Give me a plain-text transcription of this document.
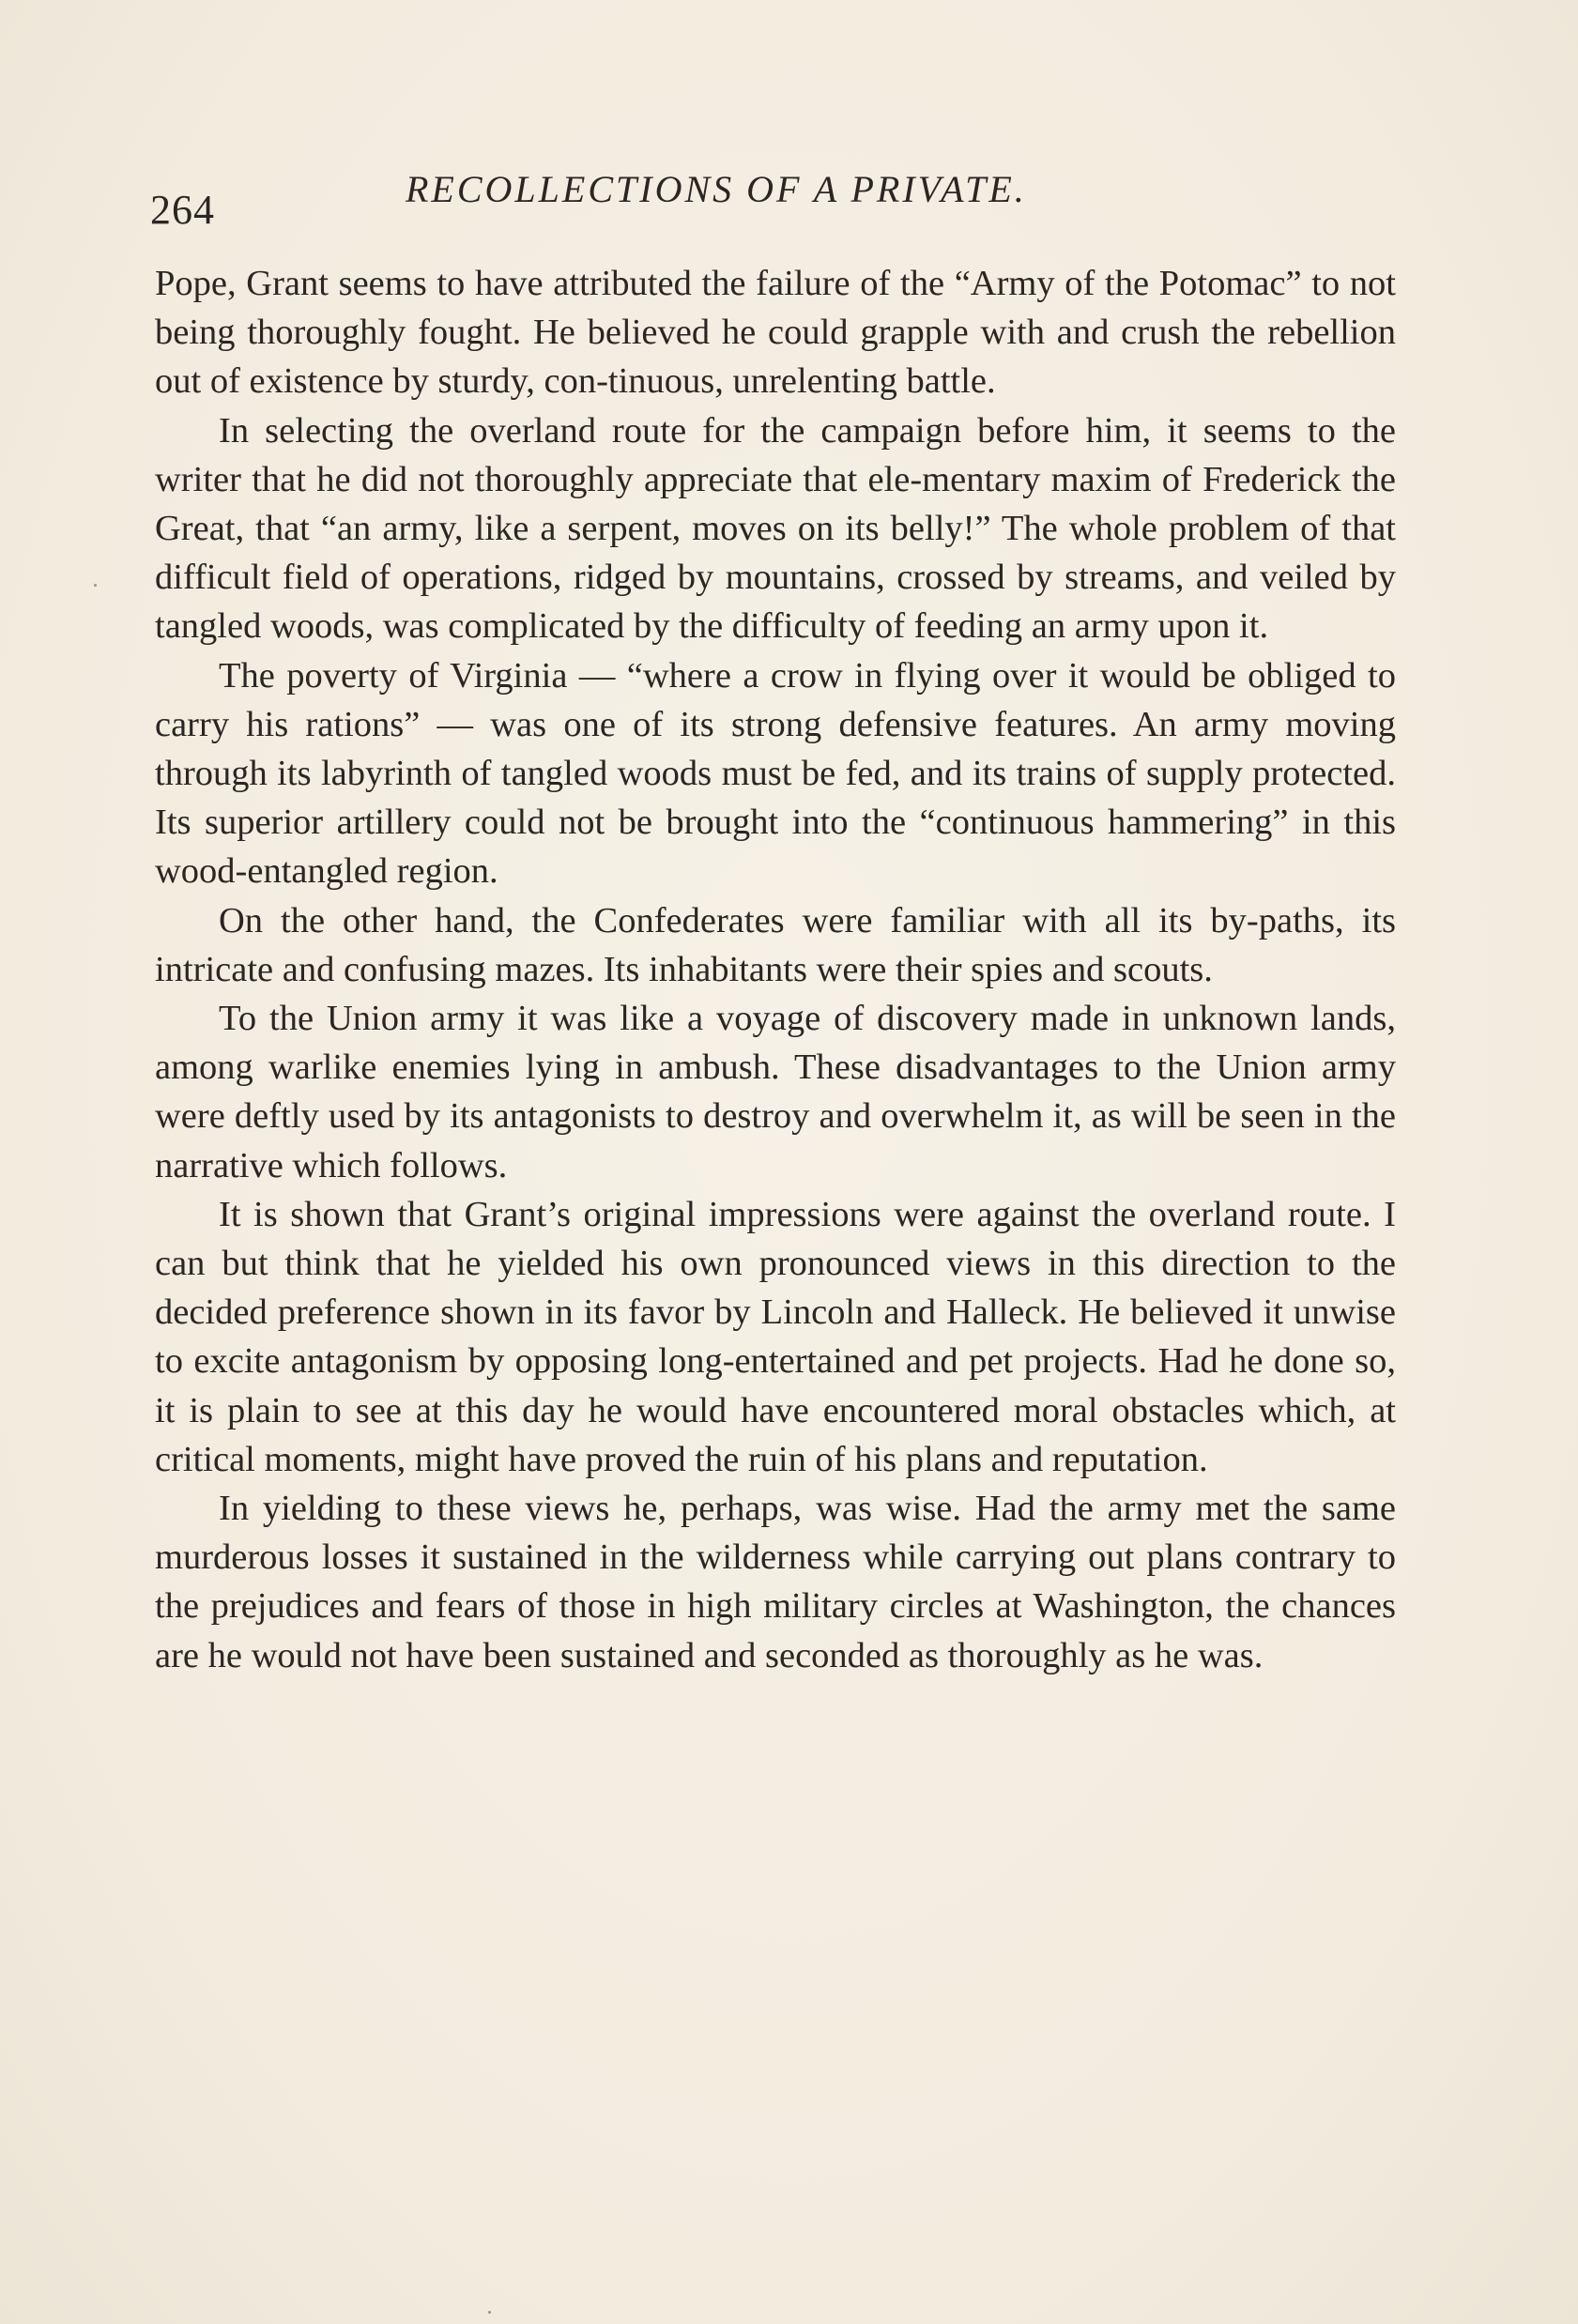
264	RECOLLECTIONS OF A PRIVATE.

Pope, Grant seems to have attributed the failure of the “Army of the Potomac” to not being thoroughly fought. He believed he could grapple with and crush the rebellion out of existence by sturdy, con-tinuous, unrelenting battle.

In selecting the overland route for the campaign before him, it seems to the writer that he did not thoroughly appreciate that ele-mentary maxim of Frederick the Great, that “an army, like a serpent, moves on its belly!” The whole problem of that difficult field of operations, ridged by mountains, crossed by streams, and veiled by tangled woods, was complicated by the difficulty of feeding an army upon it.

The poverty of Virginia — “where a crow in flying over it would be obliged to carry his rations” — was one of its strong defensive features. An army moving through its labyrinth of tangled woods must be fed, and its trains of supply protected. Its superior artillery could not be brought into the “continuous hammering” in this wood-entangled region.

On the other hand, the Confederates were familiar with all its by-paths, its intricate and confusing mazes. Its inhabitants were their spies and scouts.

To the Union army it was like a voyage of discovery made in unknown lands, among warlike enemies lying in ambush. These disadvantages to the Union army were deftly used by its antagonists to destroy and overwhelm it, as will be seen in the narrative which follows.

It is shown that Grant’s original impressions were against the overland route. I can but think that he yielded his own pronounced views in this direction to the decided preference shown in its favor by Lincoln and Halleck. He believed it unwise to excite antagonism by opposing long-entertained and pet projects. Had he done so, it is plain to see at this day he would have encountered moral obstacles which, at critical moments, might have proved the ruin of his plans and reputation.

In yielding to these views he, perhaps, was wise. Had the army met the same murderous losses it sustained in the wilderness while carrying out plans contrary to the prejudices and fears of those in high military circles at Washington, the chances are he would not have been sustained and seconded as thoroughly as he was.
